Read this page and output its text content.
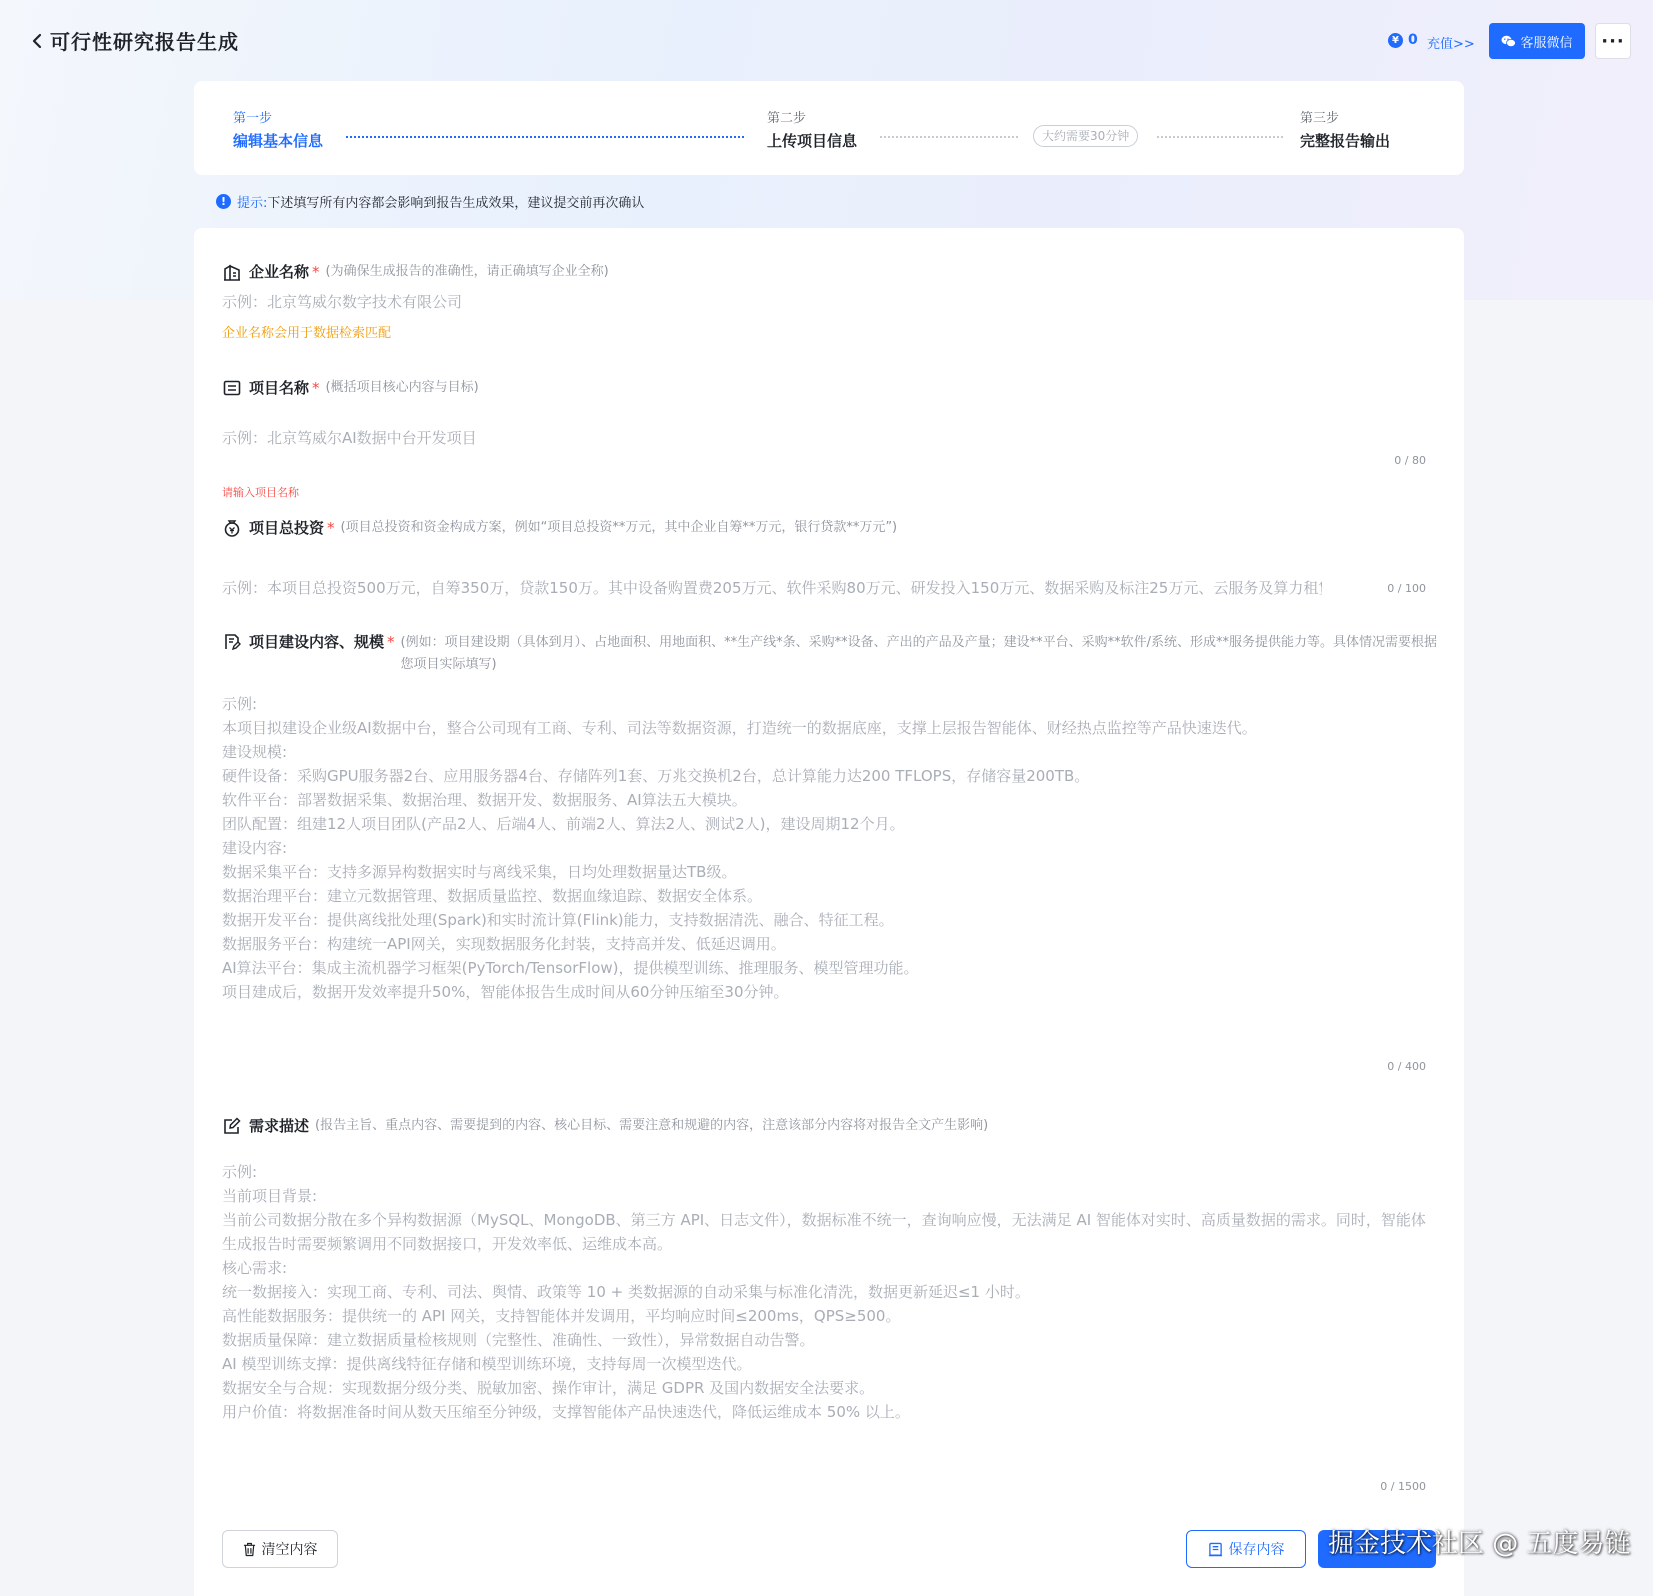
可行性研究报告生成	¥ 0 充值>>	客服微信 ···
第一步
编辑基本信息
第二步
上传项目信息	大约需要30分钟
第三步
完整报告输出
! 提示: 下述填写所有内容都会影响到报告生成效果，建议提交前再次确认
企业名称 * (为确保生成报告的准确性，请正确填写企业全称)
示例：北京笃威尔数字技术有限公司
企业名称会用于数据检索匹配
项目名称 * (概括项目核心内容与目标)
示例：北京笃威尔AI数据中台开发项目
0 / 80
请输入项目名称
项目总投资 * (项目总投资和资金构成方案，例如“项目总投资**万元，其中企业自筹**万元，银行贷款**万元”)
示例：本项目总投资500万元，自筹350万，贷款150万。其中设备购置费205万元、软件采购80万元、研发投入150万元、数据采购及标注25万元、云服务及算力租赁
0 / 100
项目建设内容、规模 * (例如：项目建设期（具体到月）、占地面积、用地面积、**生产线*条、采购**设备、产出的产品及产量；建设**平台、采购**软件/系统、形成**服务提供能力等。具体情况需要根据您项目实际填写)
示例: 本项目拟建设企业级AI数据中台，整合公司现有工商、专利、司法等数据资源，打造统一的数据底座，支撑上层报告智能体、财经热点监控等产品快速迭代。 建设规模: 硬件设备：采购GPU服务器2台、应用服务器4台、存储阵列1套、万兆交换机2台，总计算能力达200 TFLOPS，存储容量200TB。 软件平台：部署数据采集、数据治理、数据开发、数据服务、AI算法五大模块。 团队配置：组建12人项目团队(产品2人、后端4人、前端2人、算法2人、测试2人)，建设周期12个月。 建设内容: 数据采集平台：支持多源异构数据实时与离线采集，日均处理数据量达TB级。 数据治理平台：建立元数据管理、数据质量监控、数据血缘追踪、数据安全体系。 数据开发平台：提供离线批处理(Spark)和实时流计算(Flink)能力，支持数据清洗、融合、特征工程。 数据服务平台：构建统一API网关，实现数据服务化封装，支持高并发、低延迟调用。 AI算法平台：集成主流机器学习框架(PyTorch/TensorFlow)，提供模型训练、推理服务、模型管理功能。 项目建成后，数据开发效率提升50%，智能体报告生成时间从60分钟压缩至30分钟。
0 / 400
需求描述 (报告主旨、重点内容、需要提到的内容、核心目标、需要注意和规避的内容，注意该部分内容将对报告全文产生影响)
示例: 当前项目背景: 当前公司数据分散在多个异构数据源（MySQL、MongoDB、第三方 API、日志文件），数据标准不统一，查询响应慢，无法满足 AI 智能体对实时、高质量数据的需求。同时，智能体生成报告时需要频繁调用不同数据接口，开发效率低、运维成本高。 核心需求: 统一数据接入：实现工商、专利、司法、舆情、政策等 10 + 类数据源的自动采集与标准化清洗，数据更新延迟≤1 小时。 高性能数据服务：提供统一的 API 网关，支持智能体并发调用，平均响应时间≤200ms，QPS≥500。 数据质量保障：建立数据质量检核规则（完整性、准确性、一致性），异常数据自动告警。 AI 模型训练支撑：提供离线特征存储和模型训练环境，支持每周一次模型迭代。 数据安全与合规：实现数据分级分类、脱敏加密、操作审计，满足 GDPR 及国内数据安全法要求。 用户价值：将数据准备时间从数天压缩至分钟级，支撑智能体产品快速迭代，降低运维成本 50% 以上。
0 / 1500
清空内容	保存内容 掘金技术社区 @ 五度易链
